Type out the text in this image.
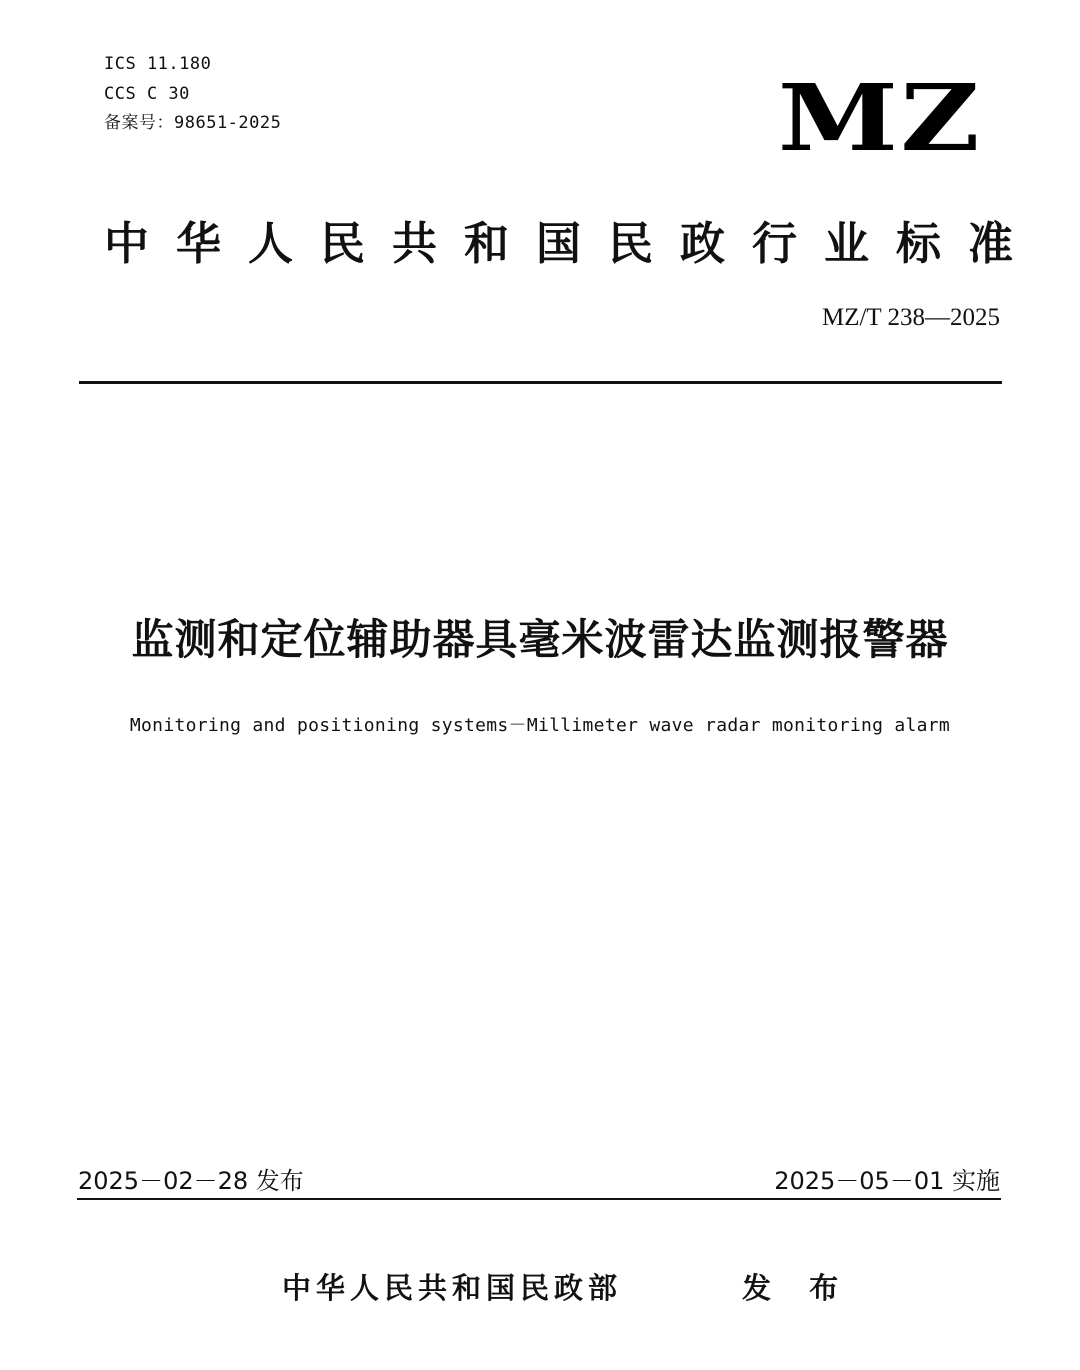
ICS 11.180
CCS C 30
备案号：98651-2025	MZ
中华人民共和国民政行业标准
MZ/T 238—2025
监测和定位辅助器具毫米波雷达监测报警器
Monitoring and positioning systems－Millimeter wave radar monitoring alarm
2025－02－28 发布	2025－05－01 实施
中华人民共和国民政部	发 布
